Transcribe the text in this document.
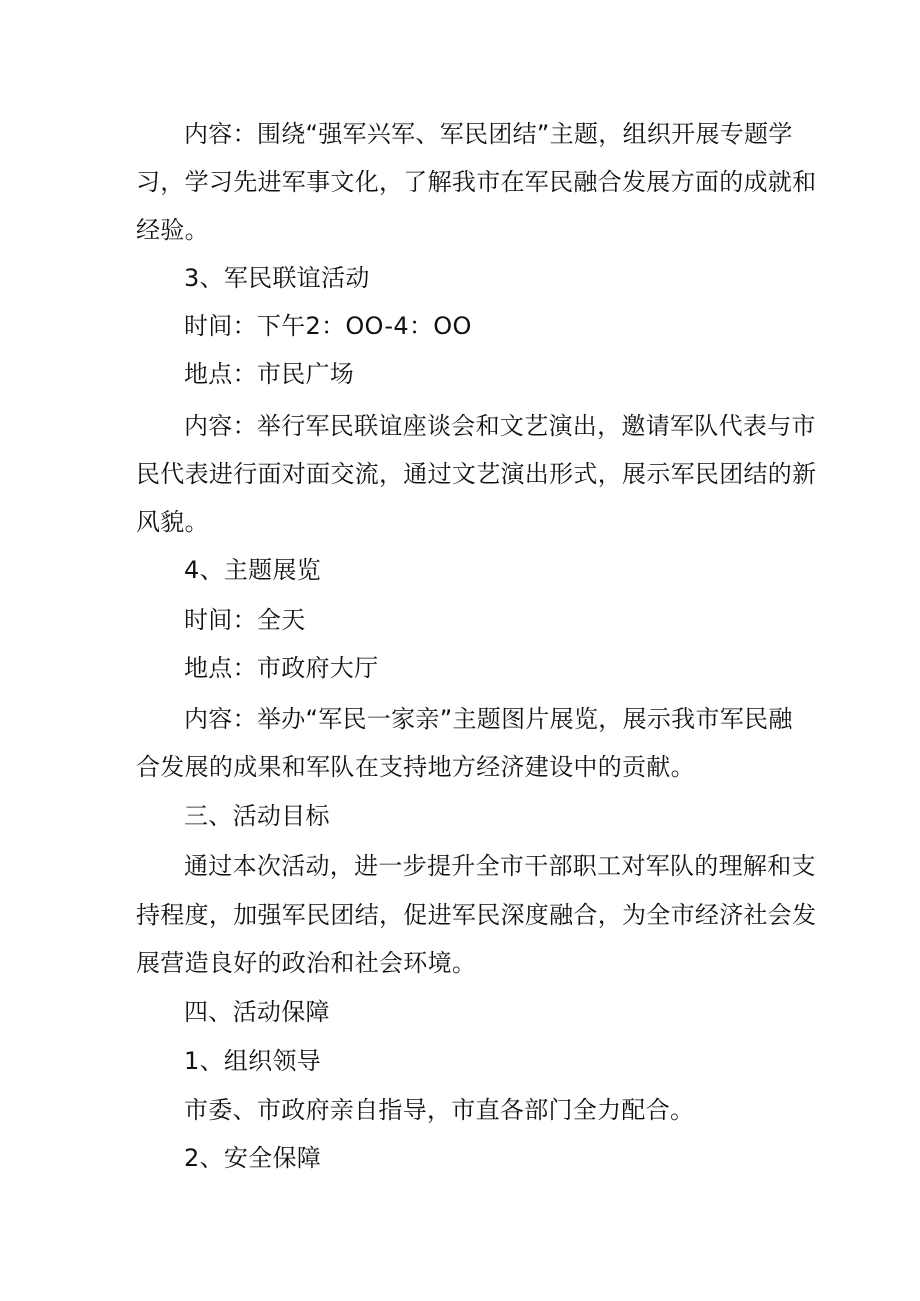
内容：围绕“强军兴军、军民团结”主题，组织开展专题学
习，学习先进军事文化，了解我市在军民融合发展方面的成就和
经验。
3、军民联谊活动
时间：下午2：OO-4：OO
地点：市民广场
内容：举行军民联谊座谈会和文艺演出，邀请军队代表与市
民代表进行面对面交流，通过文艺演出形式，展示军民团结的新
风貌。
4、主题展览
时间：全天
地点：市政府大厅
内容：举办“军民一家亲”主题图片展览，展示我市军民融
合发展的成果和军队在支持地方经济建设中的贡献。
三、活动目标
通过本次活动，进一步提升全市干部职工对军队的理解和支
持程度，加强军民团结，促进军民深度融合，为全市经济社会发
展营造良好的政治和社会环境。
四、活动保障
1、组织领导
市委、市政府亲自指导，市直各部门全力配合。
2、安全保障
